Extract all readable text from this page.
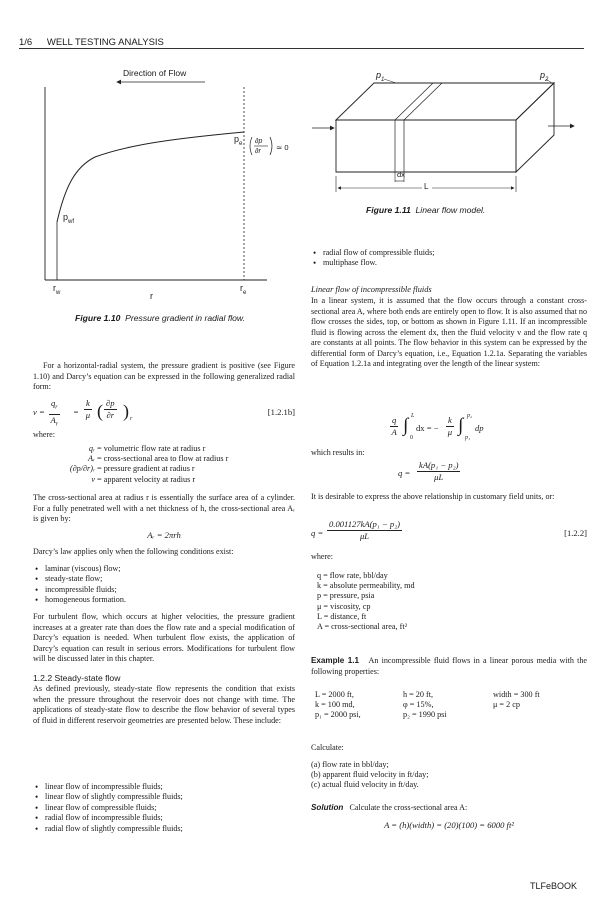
1/6 WELL TESTING ANALYSIS
Direction of Flow
$p_e$
$p_{wf}$
∂p
∂r ≃ 0
$r_w$	$r_e$
r
Figure 1.10 Pressure gradient in radial flow.
$p_1$	$p_2$
dx
L
Figure 1.11 Linear flow model.

For a horizontal-radial system, the pressure gradient is positive (see Figure 1.10) and Darcy’s equation can be expressed in the following generalized radial form:

$v = \frac{q_r}{A_r} = \frac{k}{\mu}$ ( $\frac{\partial p}{\partial r}$ ) r
[1.2.1b]
where:
qᵣ = volumetric flow rate at radius r
Aᵣ = cross-sectional area to flow at radius r
(∂p/∂r)ᵣ = pressure gradient at radius r
v = apparent velocity at radius r

The cross-sectional area at radius r is essentially the surface area of a cylinder. For a fully penetrated well with a net thickness of h, the cross-sectional area Aᵣ is given by:

Aᵣ = 2πrh

Darcy’s law applies only when the following conditions exist:

• laminar (viscous) flow;
• steady-state flow;
• incompressible fluids;
• homogeneous formation.

For turbulent flow, which occurs at higher velocities, the pressure gradient increases at a greater rate than does the flow rate and a special modification of Darcy’s equation is needed. When turbulent flow exists, the application of Darcy’s equation can result in serious errors. Modifications for turbulent flow will be discussed later in this chapter.

1.2.2 Steady-state flow

As defined previously, steady-state flow represents the condition that exists when the pressure throughout the reservoir does not change with time. The applications of steady-state flow to describe the flow behavior of several types of fluid in different reservoir geometries are presented below. These include:

• linear flow of incompressible fluids;
• linear flow of slightly compressible fluids;
• linear flow of compressible fluids;
• radial flow of incompressible fluids;
• radial flow of slightly compressible fluids;
• radial flow of compressible fluids;
• multiphase flow.
Linear flow of incompressible fluids

In a linear system, it is assumed that the flow occurs through a constant cross-sectional area A, where both ends are entirely open to flow. It is also assumed that no flow crosses the sides, top, or bottom as shown in Figure 1.11. If an incompressible fluid is flowing across the element dx, then the fluid velocity v and the flow rate q are constants at all points. The flow behavior in this system can be expressed by the differential form of Darcy’s equation, i.e., Equation 1.2.1a. Separating the variables of Equation 1.2.1a and integrating over the length of the linear system:

$\frac{q}{A}$ ∫ L
0
dx = − $\frac{k}{\mu}$ ∫ p₂
p₁
dp
which results in:
$q = \frac{\text{kA(p₁ − p₂)}}{\mu L}$

It is desirable to express the above relationship in customary field units, or:

$q = \frac{\text{0.001127kA(p₁ − p₂)}}{\mu L}$	[1.2.2]
where:
q = flow rate, bbl/day
k = absolute permeability, md
p = pressure, psia
μ = viscosity, cp
L = distance, ft
A = cross-sectional area, ft²

Example 1.1 An incompressible fluid flows in a linear porous media with the following properties:

L = 2000 ft,	h = 20 ft,	width = 300 ft
k = 100 md,	φ = 15%,	μ = 2 cp
p₁ = 2000 psi,	p₂ = 1990 psi
Calculate:
(a) flow rate in bbl/day;
(b) apparent fluid velocity in ft/day;
(c) actual fluid velocity in ft/day.
Solution Calculate the cross-sectional area A:
A = (h)(width) = (20)(100) = 6000 ft²
TLFeBOOK
